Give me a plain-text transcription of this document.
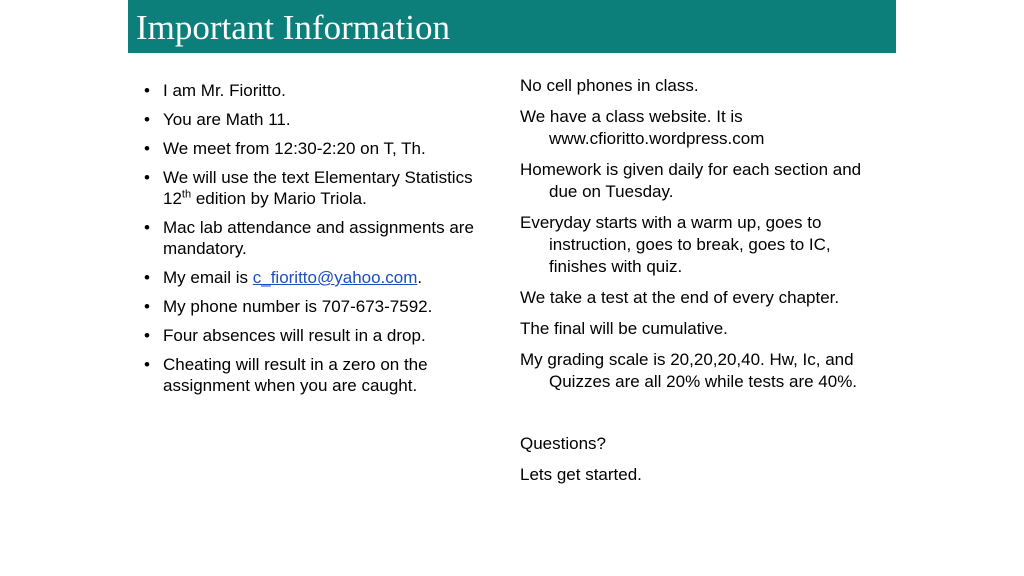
Important Information
• I am Mr. Fioritto.
• You are Math 11.
• We meet from 12:30-2:20 on T, Th.
• We will use the text Elementary Statistics 12th edition by Mario Triola.
• Mac lab attendance and assignments are mandatory.
• My email is c_fioritto@yahoo.com.
• My phone number is 707-673-7592.
• Four absences will result in a drop.
• Cheating will result in a zero on the assignment when you are caught.

No cell phones in class.

We have a class website. It is www.cfioritto.wordpress.com

Homework is given daily for each section and due on Tuesday.

Everyday starts with a warm up, goes to instruction, goes to break, goes to IC, finishes with quiz.

We take a test at the end of every chapter.

The final will be cumulative.

My grading scale is 20,20,20,40. Hw, Ic, and Quizzes are all 20% while tests are 40%.

Questions?

Lets get started.
